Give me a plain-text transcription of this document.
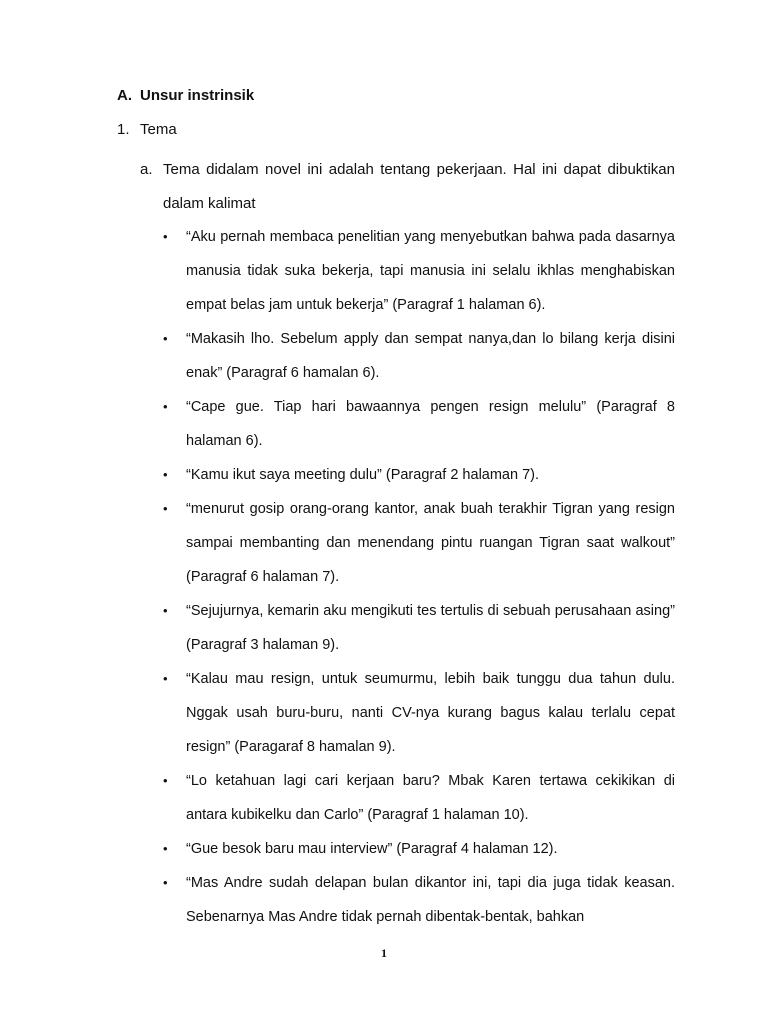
A. Unsur instrinsik
1. Tema
a. Tema didalam novel ini adalah tentang pekerjaan. Hal ini dapat dibuktikan dalam kalimat
• “Aku pernah membaca penelitian yang menyebutkan bahwa pada dasarnya manusia tidak suka bekerja, tapi manusia ini selalu ikhlas menghabiskan empat belas jam untuk bekerja” (Paragraf 1 halaman 6).
• “Makasih lho. Sebelum apply dan sempat nanya,dan lo bilang kerja disini enak” (Paragraf 6 hamalan 6).
• “Cape gue. Tiap hari bawaannya pengen resign melulu” (Paragraf 8 halaman 6).
• “Kamu ikut saya meeting dulu” (Paragraf 2 halaman 7).
• “menurut gosip orang-orang kantor, anak buah terakhir Tigran yang resign sampai membanting dan menendang pintu ruangan Tigran saat walkout” (Paragraf 6 halaman 7).
• “Sejujurnya, kemarin aku mengikuti tes tertulis di sebuah perusahaan asing” (Paragraf 3 halaman 9).
• “Kalau mau resign, untuk seumurmu, lebih baik tunggu dua tahun dulu. Nggak usah buru-buru, nanti CV-nya kurang bagus kalau terlalu cepat resign” (Paragaraf 8 hamalan 9).
• “Lo ketahuan lagi cari kerjaan baru? Mbak Karen tertawa cekikikan di antara kubikelku dan Carlo” (Paragraf 1 halaman 10).
• “Gue besok baru mau interview” (Paragraf 4 halaman 12).
• “Mas Andre sudah delapan bulan dikantor ini, tapi dia juga tidak keasan. Sebenarnya Mas Andre tidak pernah dibentak-bentak, bahkan
1
